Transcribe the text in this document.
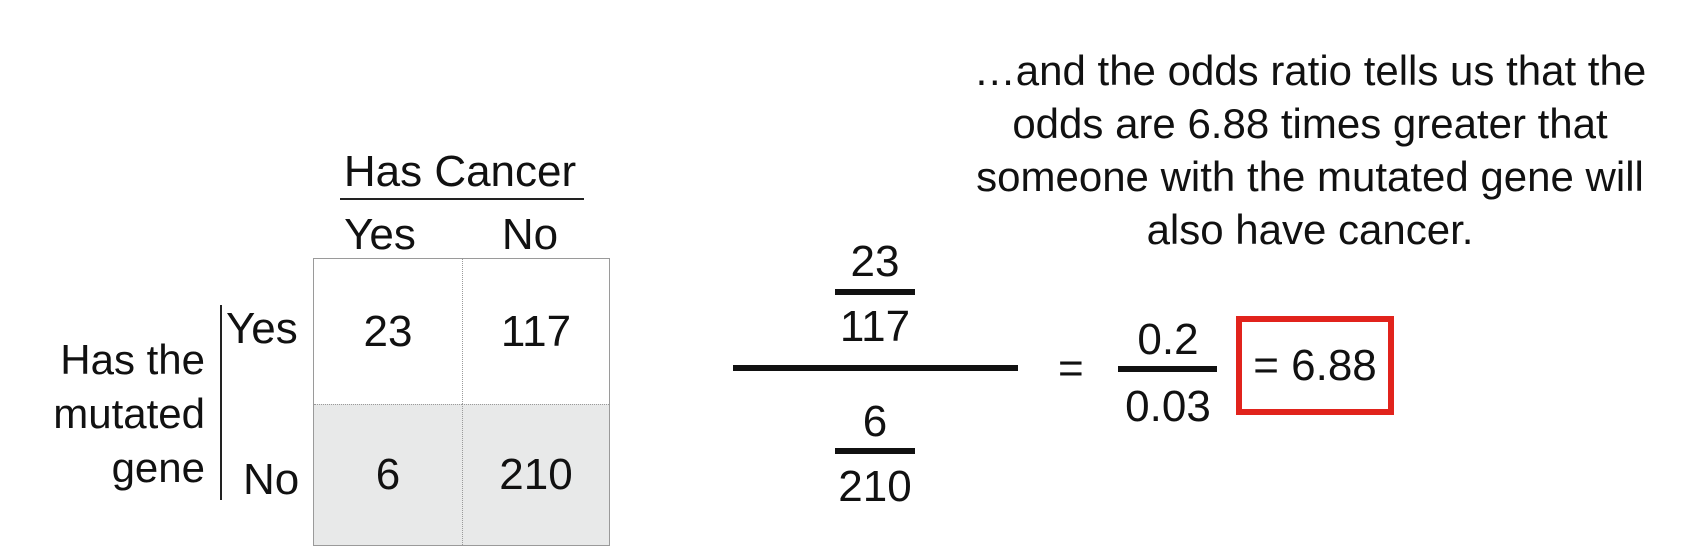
…and the odds ratio tells us that the odds are 6.88 times greater that someone with the mutated gene will also have cancer.
Has Cancer
Yes	No
Has the mutated gene
Yes
No
23	117
6	210
23
117
6
210
=
0.2
0.03
= 6.88
